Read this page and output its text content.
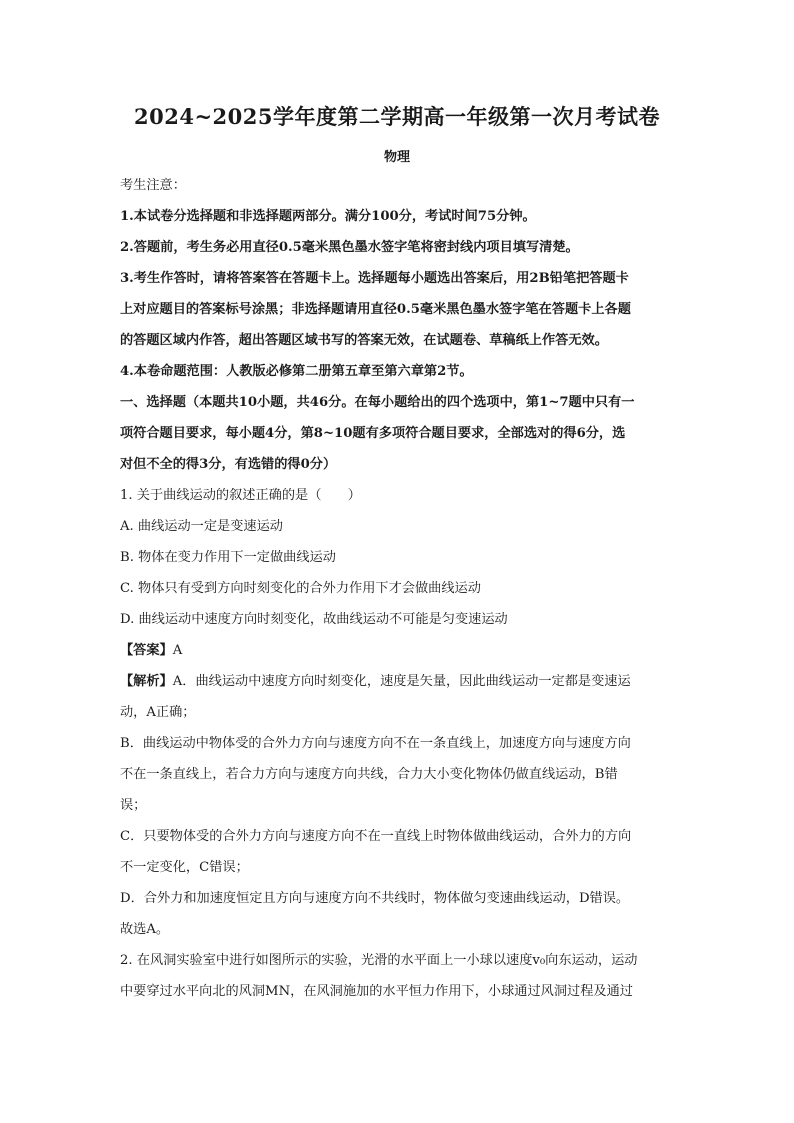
2024~2025学年度第二学期高一年级第一次月考试卷
物理
考生注意：
1.本试卷分选择题和非选择题两部分。满分100分，考试时间75分钟。
2.答题前，考生务必用直径0.5毫米黑色墨水签字笔将密封线内项目填写清楚。
3.考生作答时，请将答案答在答题卡上。选择题每小题选出答案后，用2B铅笔把答题卡
上对应题目的答案标号涂黑；非选择题请用直径0.5毫米黑色墨水签字笔在答题卡上各题
的答题区域内作答，超出答题区域书写的答案无效，在试题卷、草稿纸上作答无效。
4.本卷命题范围：人教版必修第二册第五章至第六章第2节。
一、选择题（本题共10小题，共46分。在每小题给出的四个选项中，第1~7题中只有一
项符合题目要求，每小题4分，第8~10题有多项符合题目要求，全部选对的得6分，选
对但不全的得3分，有选错的得0分）
1. 关于曲线运动的叙述正确的是（　　）
A. 曲线运动一定是变速运动
B. 物体在变力作用下一定做曲线运动
C. 物体只有受到方向时刻变化的合外力作用下才会做曲线运动
D. 曲线运动中速度方向时刻变化，故曲线运动不可能是匀变速运动
【答案】A
【解析】A．曲线运动中速度方向时刻变化，速度是矢量，因此曲线运动一定都是变速运
动，A正确；
B．曲线运动中物体受的合外力方向与速度方向不在一条直线上，加速度方向与速度方向
不在一条直线上，若合力方向与速度方向共线，合力大小变化物体仍做直线运动，B错
误；
C．只要物体受的合外力方向与速度方向不在一直线上时物体做曲线运动，合外力的方向
不一定变化，C错误；
D．合外力和加速度恒定且方向与速度方向不共线时，物体做匀变速曲线运动，D错误。
故选A。
2. 在风洞实验室中进行如图所示的实验，光滑的水平面上一小球以速度v₀向东运动，运动
中要穿过水平向北的风洞MN，在风洞施加的水平恒力作用下，小球通过风洞过程及通过
